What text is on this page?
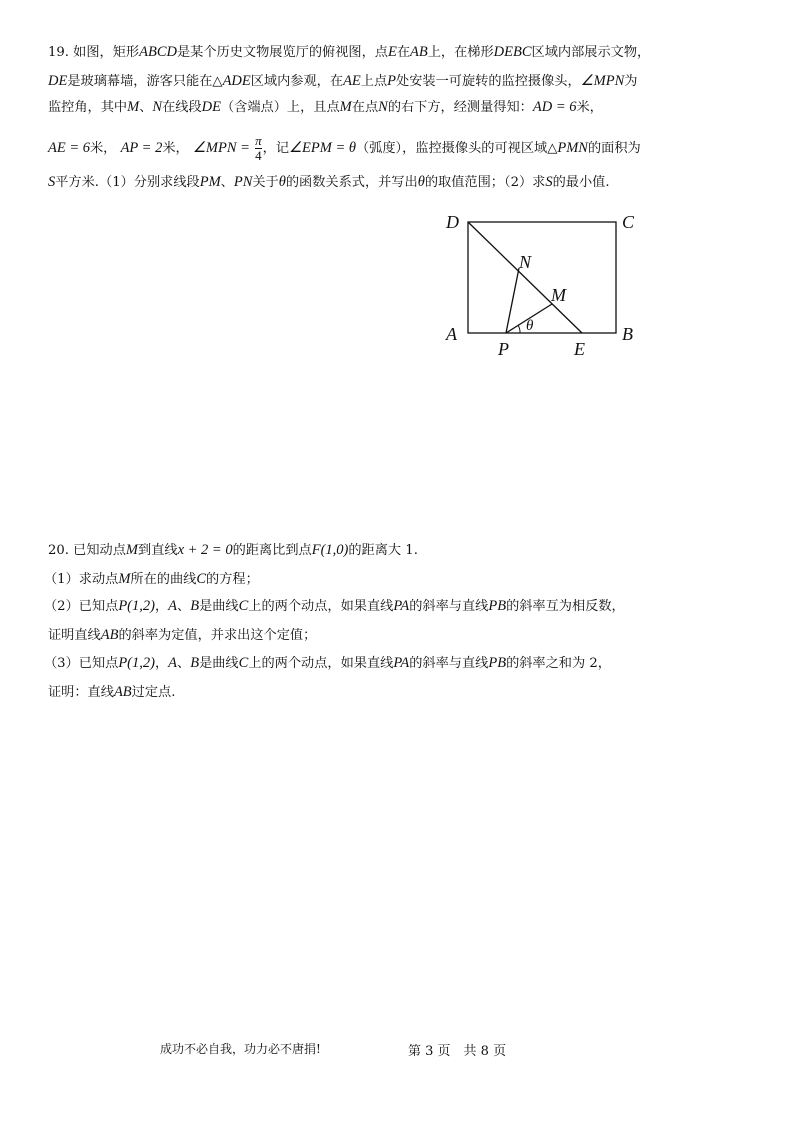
19. 如图，矩形ABCD是某个历史文物展览厅的俯视图，点E在AB上，在梯形DEBC区域内部展示文物，
DE是玻璃幕墙，游客只能在△ADE区域内参观，在AE上点P处安装一可旋转的监控摄像头，∠MPN为
监控角，其中M、N在线段DE（含端点）上，且点M在点N的右下方，经测量得知：AD = 6米，
AE = 6米， AP = 2米， ∠MPN = $\frac{\pi}{4}$ ，记∠EPM = θ（弧度），监控摄像头的可视区域△PMN的面积为
S平方米.（1）分别求线段PM、PN关于θ的函数关系式，并写出θ的取值范围；（2）求S的最小值.
D	C
A	B
P	E
N
M
θ
20. 已知动点M到直线x + 2 = 0的距离比到点F(1,0)的距离大 1.
（1）求动点M所在的曲线C的方程；
（2）已知点P(1,2)，A、B是曲线C上的两个动点，如果直线PA的斜率与直线PB的斜率互为相反数，
证明直线AB的斜率为定值，并求出这个定值；
（3）已知点P(1,2)，A、B是曲线C上的两个动点，如果直线PA的斜率与直线PB的斜率之和为 2，
证明：直线AB过定点.
成功不必自我，功力必不唐捐!	第 3 页　共 8 页
